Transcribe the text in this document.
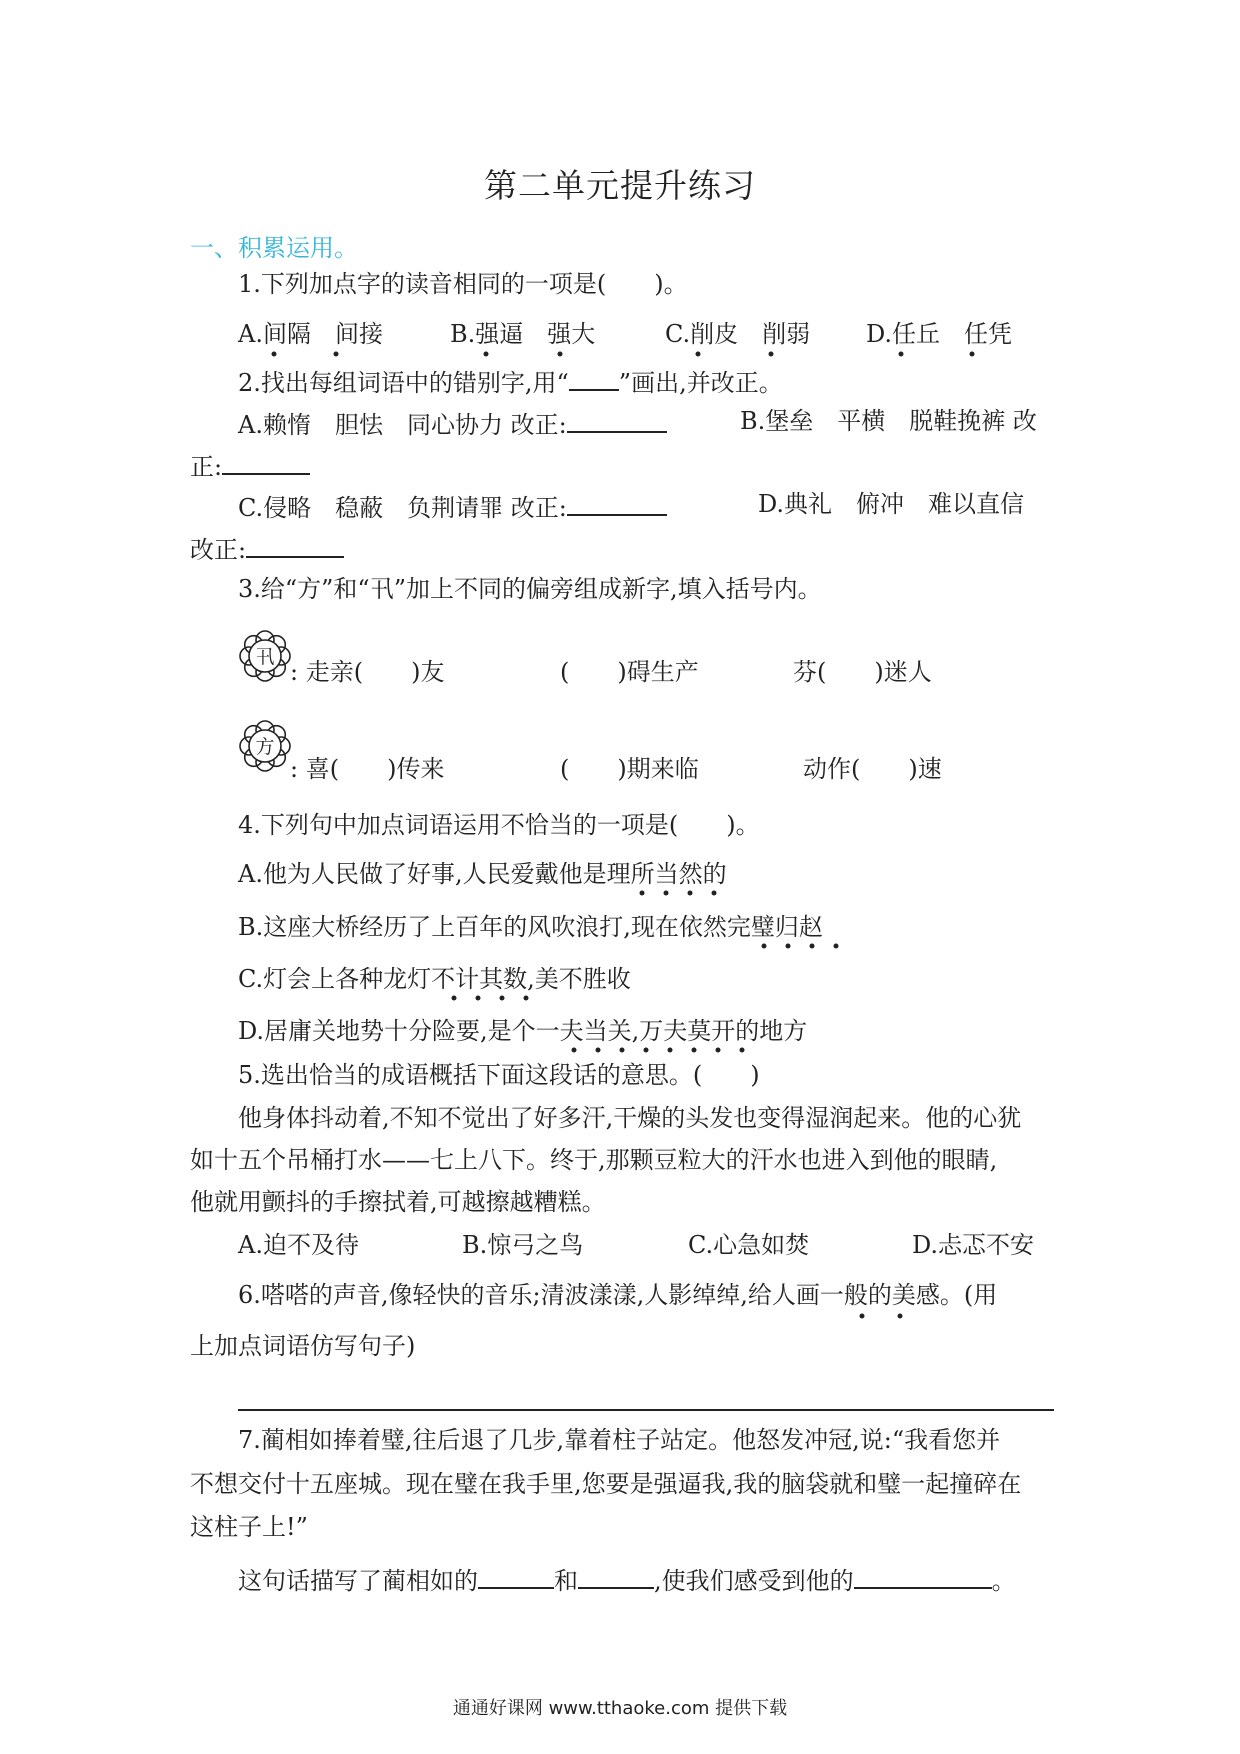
第二单元提升练习
一、积累运用。
1.下列加点字的读音相同的一项是(　　)。
A.间隔　间接	B.强逼　强大	C.削皮　削弱 D.任丘　任凭
2.找出每组词语中的错别字,用“ ”画出,并改正。
A.赖惰　胆怯　同心协力 改正:	B.堡垒　平横　脱鞋挽裤 改
正:
C.侵略　稳蔽　负荆请罪 改正:	D.典礼　俯冲　难以直信
改正:
3.给“方”和“卂”加上不同的偏旁组成新字,填入括号内。
卂
: 走亲(　　)友	(　　)碍生产	芬(　　)迷人
方
: 喜(　　)传来	(　　)期来临	动作(　　)速
4.下列句中加点词语运用不恰当的一项是(　　)。
A.他为人民做了好事,人民爱戴他是理所当然的
B.这座大桥经历了上百年的风吹浪打,现在依然完璧归赵
C.灯会上各种龙灯不计其数,美不胜收
D.居庸关地势十分险要,是个一夫当关,万夫莫开的地方
5.选出恰当的成语概括下面这段话的意思。(　　)
他身体抖动着,不知不觉出了好多汗,干燥的头发也变得湿润起来。他的心犹
如十五个吊桶打水——七上八下。终于,那颗豆粒大的汗水也进入到他的眼睛,
他就用颤抖的手擦拭着,可越擦越糟糕。
A.迫不及待	B.惊弓之鸟	C.心急如焚	D.忐忑不安
6.嗒嗒的声音,像轻快的音乐;清波漾漾,人影绰绰,给人画一般的美感。(用
上加点词语仿写句子)
7.蔺相如捧着璧,往后退了几步,靠着柱子站定。他怒发冲冠,说:“我看您并
不想交付十五座城。现在璧在我手里,您要是强逼我,我的脑袋就和璧一起撞碎在
这柱子上!”
这句话描写了蔺相如的	和	,使我们感受到他的	。
通通好课网 www.tthaoke.com 提供下载
